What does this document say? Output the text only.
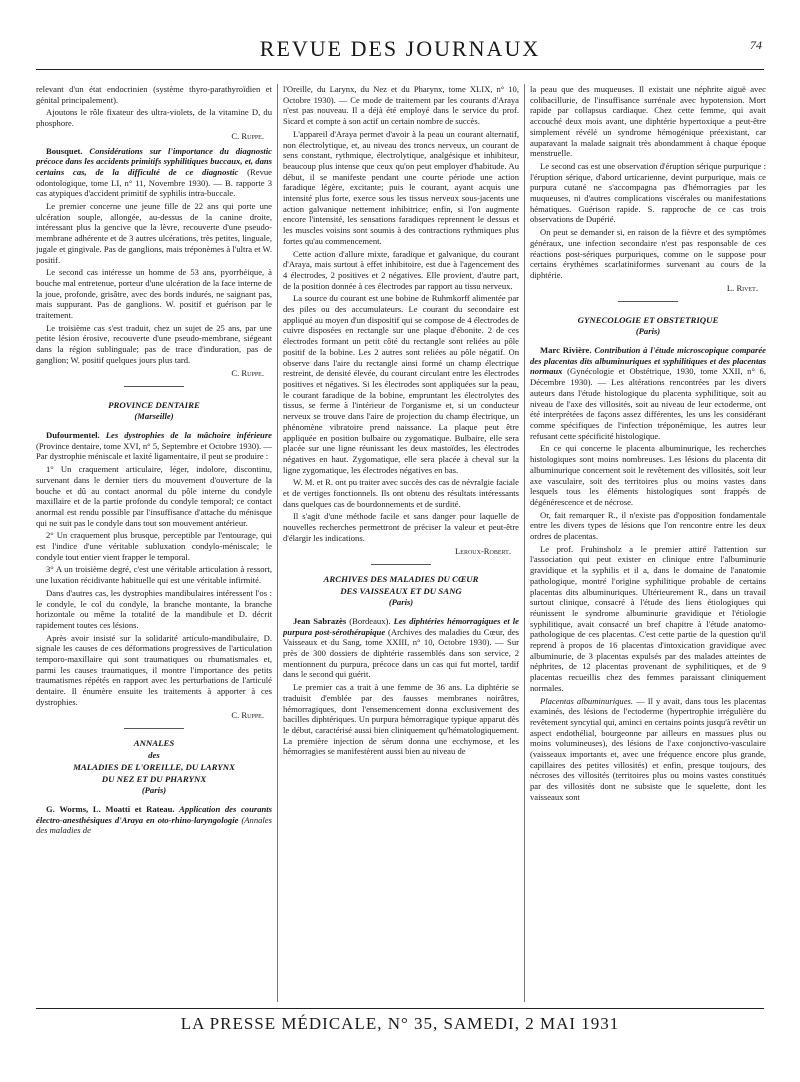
REVUE DES JOURNAUX	74

relevant d'un état endocrinien (système thyro-parathyroïdien et génital principalement).

Ajoutons le rôle fixateur des ultra-violets, de la vitamine D, du phosphore.

C. Ruppe.

Bousquet. Considérations sur l'importance du diagnostic précoce dans les accidents primitifs syphilitiques buccaux, et, dans certains cas, de la difficulté de ce diagnostic (Revue odontologique, tome LI, n° 11, Novembre 1930). — B. rapporte 3 cas atypiques d'accident primitif de syphilis intra-buccale.

Le premier concerne une jeune fille de 22 ans qui porte une ulcération souple, allongée, au-dessus de la canine droite, intéressant plus la gencive que la lèvre, recouverte d'une pseudo-membrane adhérente et de 3 autres ulcérations, très petites, linguale, jugale et gingivale. Pas de ganglions, mais tréponèmes à l'ultra et W. positif.

Le second cas intéresse un homme de 53 ans, pyorrhéique, à bouche mal entretenue, porteur d'une ulcération de la face interne de la joue, profonde, grisâtre, avec des bords indurés, ne saignant pas, mais suppurant. Pas de ganglions. W. positif et guérison par le traitement.

Le troisième cas s'est traduit, chez un sujet de 25 ans, par une petite lésion érosive, recouverte d'une pseudo-membrane, siégeant dans la région sublinguale; pas de trace d'induration, pas de ganglion; W. positif quelques jours plus tard.

C. Ruppe.

PROVINCE DENTAIRE

(Marseille)

Dufourmentel. Les dystrophies de la mâchoire inférieure (Province dentaire, tome XVI, n° 5, Septembre et Octobre 1930). — Par dystrophie méniscale et laxité ligamentaire, il peut se produire :

1° Un craquement articulaire, léger, indolore, discontinu, survenant dans le dernier tiers du mouvement d'ouverture de la bouche et dû au contact anormal du pôle interne du condyle maxillaire et de la partie profonde du condyle temporal; ce contact anormal est rendu possible par l'insuffisance d'attache du ménisque qui ne suit pas le condyle dans tout son mouvement antérieur.

2° Un craquement plus brusque, perceptible par l'entourage, qui est l'indice d'une véritable subluxation condylo-méniscale; le condyle tout entier vient frapper le temporal.

3° A un troisième degré, c'est une véritable articulation à ressort, une luxation récidivante habituelle qui est une véritable infirmité.

Dans d'autres cas, les dystrophies mandibulaires intéressent l'os : le condyle, le col du condyle, la branche montante, la branche horizontale ou même la totalité de la mandibule et D. décrit rapidement toutes ces lésions.

Après avoir insisté sur la solidarité articulo-mandibulaire, D. signale les causes de ces déformations progressives de l'articulation temporo-maxillaire qui sont traumatiques ou rhumatismales et, parmi les causes traumatiques, il montre l'importance des petits traumatismes répétés en rapport avec les perturbations de l'articulé dentaire. Il énumère ensuite les traitements à apporter à ces dystrophies.

C. Ruppe.

ANNALES

des

MALADIES DE L'OREILLE, DU LARYNX

DU NEZ ET DU PHARYNX

(Paris)

G. Worms, L. Moatti et Rateau. Application des courants électro-anesthésiques d'Araya en oto-rhino-laryngologie (Annales des maladies de

l'Oreille, du Larynx, du Nez et du Pharynx, tome XLIX, n° 10, Octobre 1930). — Ce mode de traitement par les courants d'Araya n'est pas nouveau. Il a déjà été employé dans le service du prof. Sicard et compte à son actif un certain nombre de succès.

L'appareil d'Araya permet d'avoir à la peau un courant alternatif, non électrolytique, et, au niveau des troncs nerveux, un courant de sens constant, rythmique, électrolytique, analgésique et inhibiteur, beaucoup plus intense que ceux qu'on peut employer d'habitude. Au début, il se manifeste pendant une courte période une action faradique légère, excitante; puis le courant, ayant acquis une intensité plus forte, exerce sous les tissus nerveux sous-jacents une action galvanique nettement inhibitrice; enfin, si l'on augmente encore l'intensité, les sensations faradiques reprennent le dessus et les muscles voisins sont soumis à des contractions rythmiques plus fortes qu'au commencement.

Cette action d'allure mixte, faradique et galvanique, du courant d'Araya, mais surtout à effet inhibitoire, est due à l'agencement des 4 électrodes, 2 positives et 2 négatives. Elle provient, d'autre part, de la position donnée à ces électrodes par rapport au tissu nerveux.

La source du courant est une bobine de Ruhmkorff alimentée par des piles ou des accumulateurs. Le courant du secondaire est appliqué au moyen d'un dispositif qui se compose de 4 électrodes de cuivre disposées en rectangle sur une plaque d'ébonite. 2 de ces électrodes formant un petit côté du rectangle sont reliées au pôle positif de la bobine. Les 2 autres sont reliées au pôle négatif. On observe dans l'aire du rectangle ainsi formé un champ électrique restreint, de densité élevée, du courant circulant entre les électrodes positives et négatives. Si les électrodes sont appliquées sur la peau, le courant faradique de la bobine, empruntant les électrolytes des tissus, se ferme à l'intérieur de l'organisme et, si un conducteur nerveux se trouve dans l'aire de projection du champ électrique, un phénomène vibratoire prend naissance. La plaque peut être appliquée en position bulbaire ou zygomatique. Bulbaire, elle sera placée sur une ligne réunissant les deux mastoïdes, les électrodes négatives en haut. Zygomatique, elle sera placée à cheval sur la ligne zygomatique, les électrodes négatives en bas.

W. M. et R. ont pu traiter avec succès des cas de névralgie faciale et de vertiges fonctionnels. Ils ont obtenu des résultats intéressants dans quelques cas de bourdonnements et de surdité.

Il s'agit d'une méthode facile et sans danger pour laquelle de nouvelles recherches permettront de préciser la valeur et peut-être d'élargir les indications.

Leroux-Robert.

ARCHIVES DES MALADIES DU CŒUR

DES VAISSEAUX ET DU SANG

(Paris)

Jean Sabrazès (Bordeaux). Les diphtéries hémorragiques et le purpura post-sérothérapique (Archives des maladies du Cœur, des Vaisseaux et du Sang, tome XXIII, n° 10, Octobre 1930). — Sur près de 300 dossiers de diphtérie rassemblés dans son service, 2 mentionnent du purpura, précoce dans un cas qui fut mortel, tardif dans le second qui guérit.

Le premier cas a trait à une femme de 36 ans. La diphtérie se traduisit d'emblée par des fausses membranes noirâtres, hémorragiques, dont l'ensemencement donna exclusivement des bacilles diphtériques. Un purpura hémorragique typique apparut dès le début, caractérisé aussi bien cliniquement qu'hématologiquement. La première injection de sérum donna une ecchymose, et les hémorragies se manifestèrent aussi bien au niveau de

la peau que des muqueuses. Il existait une néphrite aiguë avec colibacillurie, de l'insuffisance surrénale avec hypotension. Mort rapide par collapsus cardiaque. Chez cette femme, qui avait accouché deux mois avant, une diphtérie hypertoxique a peut-être simplement révélé un syndrome hémogénique préexistant, car auparavant la malade saignait très abondamment à chaque époque menstruelle.

Le second cas est une observation d'éruption sérique purpurique : l'éruption sérique, d'abord urticarienne, devint purpurique, mais ce purpura cutané ne s'accompagna pas d'hémorragies par les muqueuses, ni d'autres complications viscérales ou manifestations hématiques. Guérison rapide. S. rapproche de ce cas trois observations de Dupérié.

On peut se demander si, en raison de la fièvre et des symptômes généraux, une infection secondaire n'est pas responsable de ces réactions post-sériques purpuriques, comme on le suppose pour certains érythèmes scarlatiniformes survenant au cours de la diphtérie.

L. Rivet.

GYNECOLOGIE ET OBSTETRIQUE

(Paris)

Marc Rivière. Contribution à l'étude microscopique comparée des placentas dits albuminuriques et syphilitiques et des placentas normaux (Gynécologie et Obstétrique, 1930, tome XXII, n° 6, Décembre 1930). — Les altérations rencontrées par les divers auteurs dans l'étude histologique du placenta syphilitique, soit au niveau de l'axe des villosités, soit au niveau de leur ectoderme, ont été interprétées de façons assez différentes, les uns les considérant comme spécifiques de l'infection tréponémique, les autres leur refusant cette spécificité histologique.

En ce qui concerne le placenta albuminurique, les recherches histologiques sont moins nombreuses. Les lésions du placenta dit albuminurique concernent soit le revêtement des villosités, soit leur axe vasculaire, soit des territoires plus ou moins vastes dans lesquels tous les éléments histologiques sont frappés de dégénérescence et de nécrose.

Or, fait remarquer R., il n'existe pas d'opposition fondamentale entre les divers types de lésions que l'on rencontre entre les deux ordres de placentas.

Le prof. Fruhinsholz a le premier attiré l'attention sur l'association qui peut exister en clinique entre l'albuminurie gravidique et la syphilis et il a, dans le domaine de l'anatomie pathologique, montré l'origine syphilitique probable de certains placentas dits albuminuriques. Ultérieurement R., dans un travail surtout clinique, consacré à l'étude des liens étiologiques qui réunissent le syndrome albuminurie gravidique et l'étiologie syphilitique, avait consacré un bref chapitre à l'étude anatomo-pathologique de ces placentas. C'est cette partie de la question qu'il reprend à propos de 16 placentas d'intoxication gravidique avec albuminurie, de 3 placentas expulsés par des malades atteintes de néphrites, de 12 placentas provenant de syphilitiques, et de 9 placentas recueillis chez des femmes paraissant cliniquement normales.

Placentas albuminuriques. — Il y avait, dans tous les placentas examinés, des lésions de l'ectoderme (hypertrophie irrégulière du revêtement syncytial qui, aminci en certains points jusqu'à revêtir un aspect endothélial, bourgeonne par ailleurs en massues plus ou moins volumineuses), des lésions de l'axe conjonctivo-vasculaire (vaisseaux importants et, avec une fréquence encore plus grande, capillaires des petites villosités) et enfin, presque toujours, des nécroses des villosités (territoires plus ou moins vastes constitués par des villosités dont ne subsiste que le squelette, dont les vaisseaux sont

LA PRESSE MÉDICALE, N° 35, SAMEDI, 2 MAI 1931
